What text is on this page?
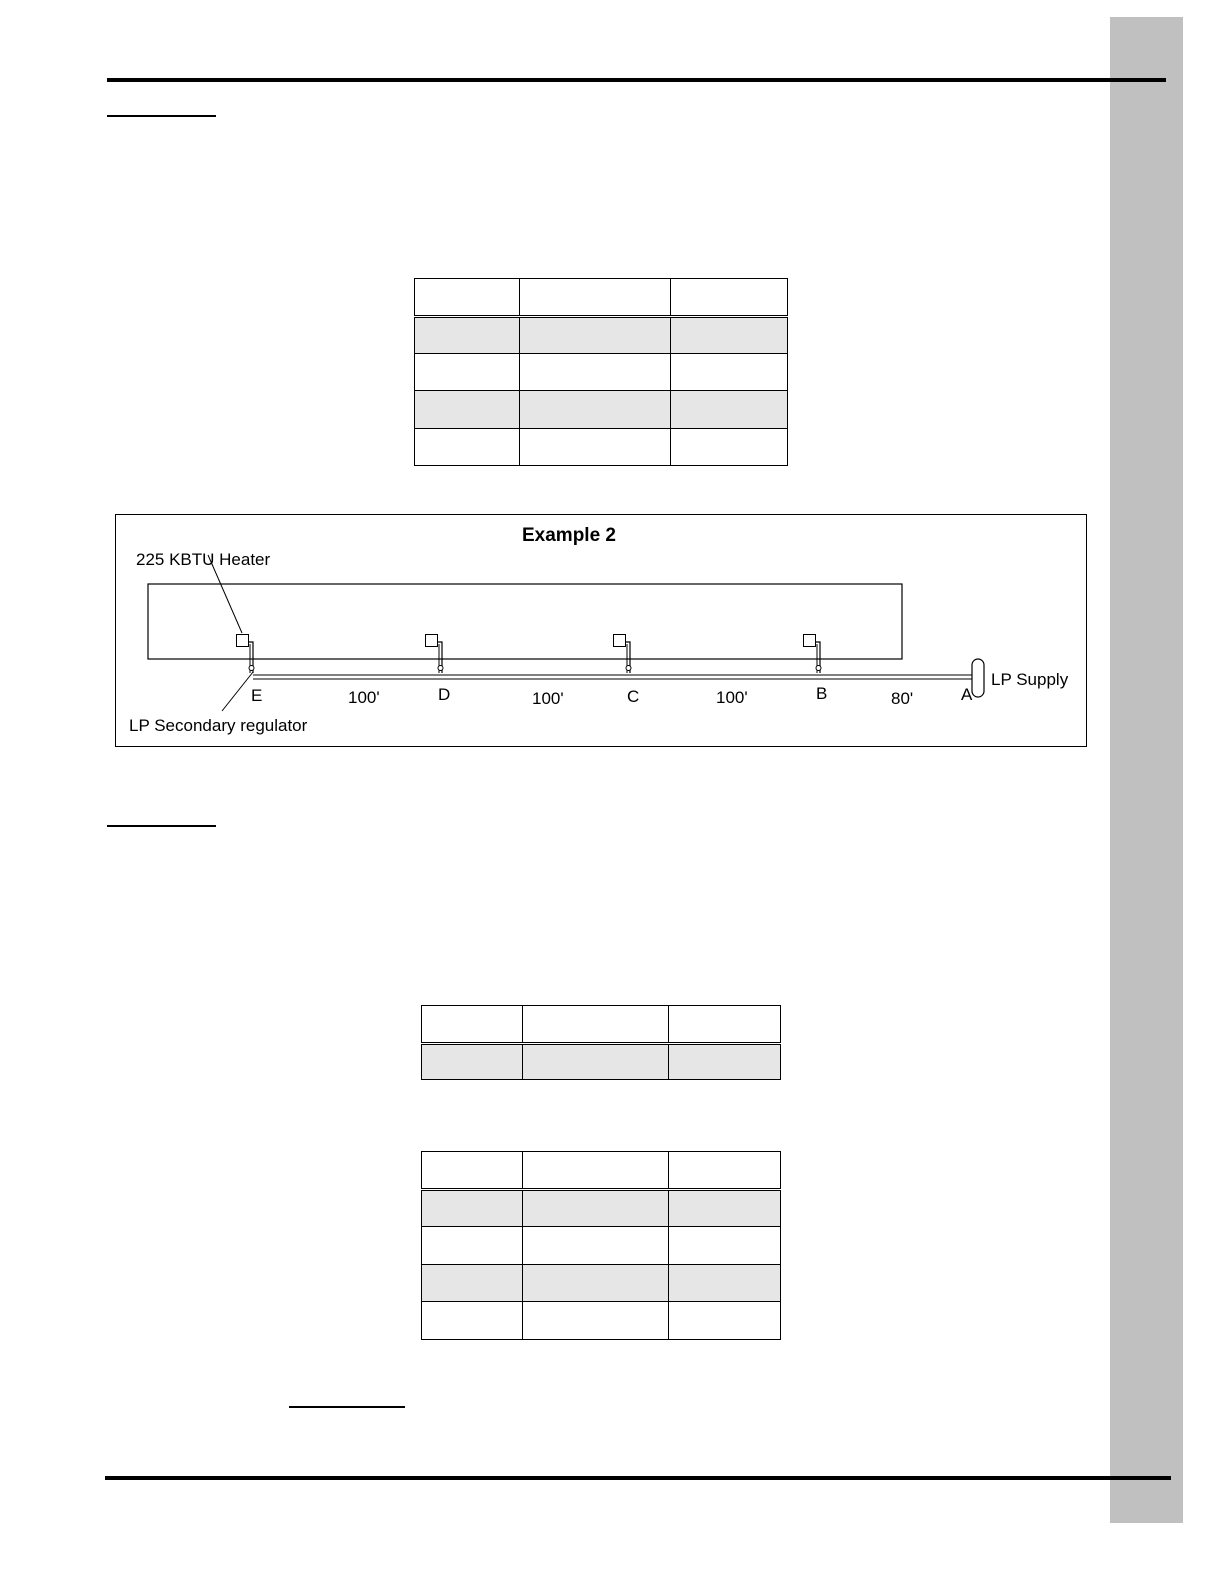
Example 2
225 KBTU Heater
E	D	C	B	A
100'	100'	100'	80'
LP Supply
LP Secondary regulator
